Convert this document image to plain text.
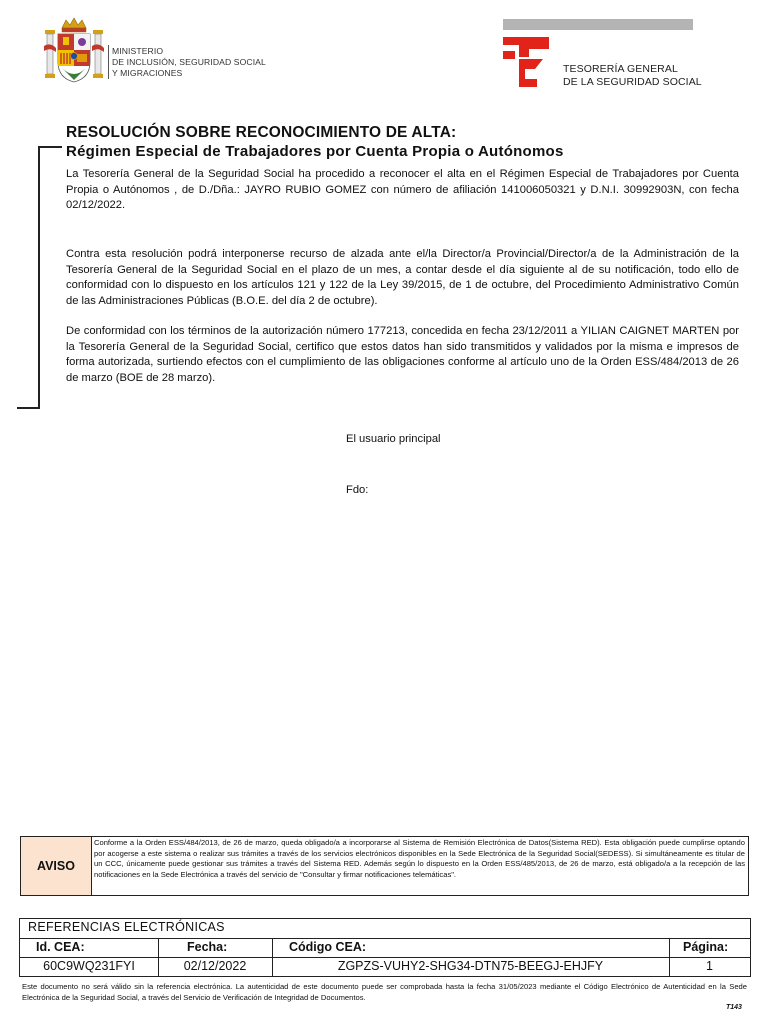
MINISTERIO
DE INCLUSIÓN, SEGURIDAD SOCIAL
Y MIGRACIONES	TESORERÍA GENERAL
DE LA SEGURIDAD SOCIAL
RESOLUCIÓN SOBRE RECONOCIMIENTO DE ALTA:
Régimen Especial de Trabajadores por Cuenta Propia o Autónomos
La Tesorería General de la Seguridad Social ha procedido a reconocer el alta en el Régimen Especial de Trabajadores por Cuenta Propia o Autónomos , de D./Dña.: JAYRO RUBIO GOMEZ con número de afiliación 141006050321 y D.N.I. 30992903N, con fecha 02/12/2022.
Contra esta resolución podrá interponerse recurso de alzada ante el/la Director/a Provincial/Director/a de la Administración de la Tesorería General de la Seguridad Social en el plazo de un mes, a contar desde el día siguiente al de su notificación, todo ello de conformidad con lo dispuesto en los artículos 121 y 122 de la Ley 39/2015, de 1 de octubre, del Procedimiento Administrativo Común de las Administraciones Públicas (B.O.E. del día 2 de octubre).
De conformidad con los términos de la autorización número 177213, concedida en fecha 23/12/2011 a YILIAN CAIGNET MARTEN por la Tesorería General de la Seguridad Social, certifico que estos datos han sido transmitidos y validados por la misma e impresos de forma autorizada, surtiendo efectos con el cumplimiento de las obligaciones conforme al artículo uno de la Orden ESS/484/2013 de 26 de marzo (BOE de 28 marzo).
El usuario principal
Fdo:
AVISO
Conforme a la Orden ESS/484/2013, de 26 de marzo, queda obligado/a a incorporarse al Sistema de Remisión Electrónica de Datos(Sistema RED). Esta obligación puede cumplirse optando por acogerse a este sistema o realizar sus trámites a través de los servicios electrónicos disponibles en la Sede Electrónica de la Seguridad Social(SEDESS). Si simultáneamente es titular de un CCC, únicamente puede gestionar sus trámites a través del Sistema RED. Además según lo dispuesto en la Orden ESS/485/2013, de 26 de marzo, está obligado/a a la recepción de las notificaciones en la Sede Electrónica a través del servicio de "Consultar y firmar notificaciones telemáticas".
REFERENCIAS ELECTRÓNICAS
Id. CEA:	Fecha:	Código CEA:	Página:
60C9WQ231FYI	02/12/2022	ZGPZS-VUHY2-SHG34-DTN75-BEEGJ-EHJFY	1
Este documento no será válido sin la referencia electrónica. La autenticidad de este documento puede ser comprobada hasta la fecha 31/05/2023 mediante el Código Electrónico de Autenticidad en la Sede Electrónica de la Seguridad Social, a través del Servicio de Verificación de Integridad de Documentos.
T143
